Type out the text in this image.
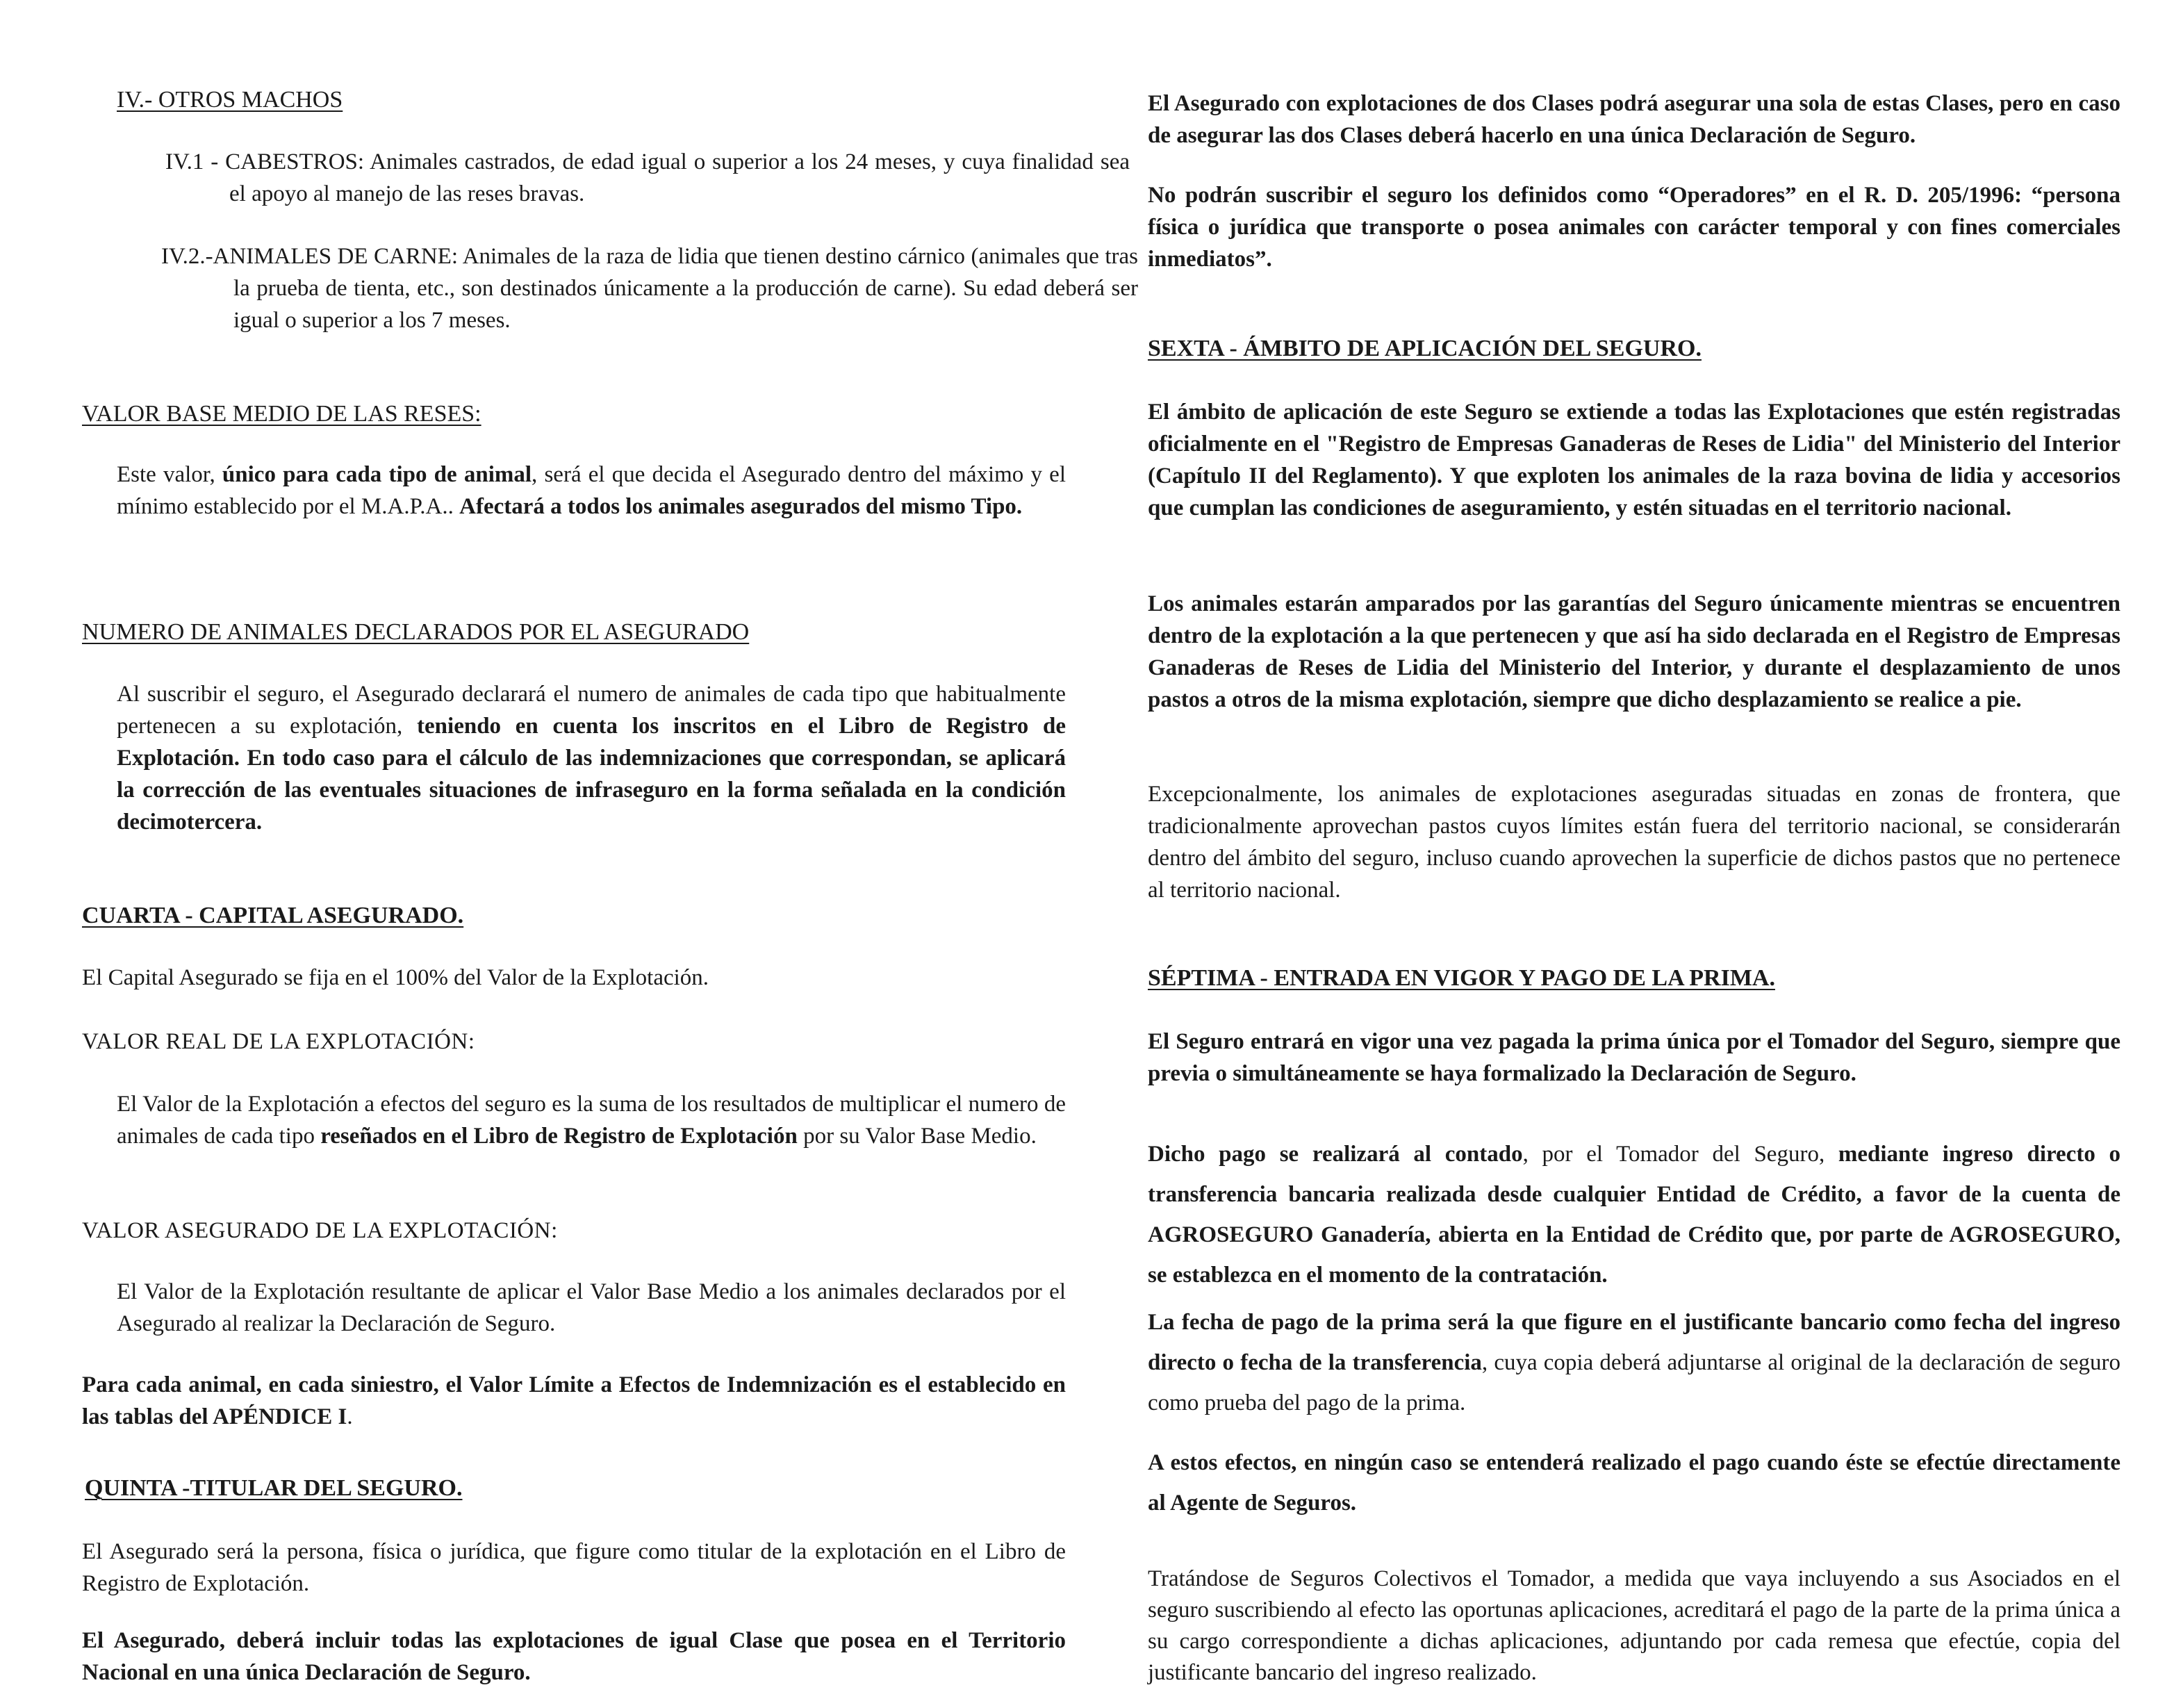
IV.- OTROS MACHOS

IV.1 - CABESTROS: Animales castrados, de edad igual o superior a los 24 meses, y cuya finalidad sea el apoyo al manejo de las reses bravas.

IV.2.-ANIMALES DE CARNE: Animales de la raza de lidia que tienen destino cárnico (animales que tras la prueba de tienta, etc., son destinados únicamente a la producción de carne). Su edad deberá ser igual o superior a los 7 meses.

VALOR BASE MEDIO DE LAS RESES:

Este valor, único para cada tipo de animal, será el que decida el Asegurado dentro del máximo y el mínimo establecido por el M.A.P.A.. Afectará a todos los animales asegurados del mismo Tipo.

NUMERO DE ANIMALES DECLARADOS POR EL ASEGURADO

Al suscribir el seguro, el Asegurado declarará el numero de animales de cada tipo que habitualmente pertenecen a su explotación, teniendo en cuenta los inscritos en el Libro de Registro de Explotación. En todo caso para el cálculo de las indemnizaciones que correspondan, se aplicará la corrección de las eventuales situaciones de infraseguro en la forma señalada en la condición decimotercera.

CUARTA - CAPITAL ASEGURADO.

El Capital Asegurado se fija en el 100% del Valor de la Explotación.

VALOR REAL DE LA EXPLOTACIÓN:

El Valor de la Explotación a efectos del seguro es la suma de los resultados de multiplicar el numero de animales de cada tipo reseñados en el Libro de Registro de Explotación por su Valor Base Medio.

VALOR ASEGURADO DE LA EXPLOTACIÓN:

El Valor de la Explotación resultante de aplicar el Valor Base Medio a los animales declarados por el Asegurado al realizar la Declaración de Seguro.

Para cada animal, en cada siniestro, el Valor Límite a Efectos de Indemnización es el establecido en las tablas del APÉNDICE I.

QUINTA -TITULAR DEL SEGURO.

El Asegurado será la persona, física o jurídica, que figure como titular de la explotación en el Libro de Registro de Explotación.

El Asegurado, deberá incluir todas las explotaciones de igual Clase que posea en el Territorio Nacional en una única Declaración de Seguro.

El Asegurado con explotaciones de dos Clases podrá asegurar una sola de estas Clases, pero en caso de asegurar las dos Clases deberá hacerlo en una única Declaración de Seguro.

No podrán suscribir el seguro los definidos como “Operadores” en el R. D. 205/1996: “persona física o jurídica que transporte o posea animales con carácter temporal y con fines comerciales inmediatos”.

SEXTA - ÁMBITO DE APLICACIÓN DEL SEGURO.

El ámbito de aplicación de este Seguro se extiende a todas las Explotaciones que estén registradas oficialmente en el "Registro de Empresas Ganaderas de Reses de Lidia" del Ministerio del Interior (Capítulo II del Reglamento). Y que exploten los animales de la raza bovina de lidia y accesorios que cumplan las condiciones de aseguramiento, y estén situadas en el territorio nacional.

Los animales estarán amparados por las garantías del Seguro únicamente mientras se encuentren dentro de la explotación a la que pertenecen y que así ha sido declarada en el Registro de Empresas Ganaderas de Reses de Lidia del Ministerio del Interior, y durante el desplazamiento de unos pastos a otros de la misma explotación, siempre que dicho desplazamiento se realice a pie.

Excepcionalmente, los animales de explotaciones aseguradas situadas en zonas de frontera, que tradicionalmente aprovechan pastos cuyos límites están fuera del territorio nacional, se considerarán dentro del ámbito del seguro, incluso cuando aprovechen la superficie de dichos pastos que no pertenece al territorio nacional.

SÉPTIMA - ENTRADA EN VIGOR Y PAGO DE LA PRIMA.

El Seguro entrará en vigor una vez pagada la prima única por el Tomador del Seguro, siempre que previa o simultáneamente se haya formalizado la Declaración de Seguro.

Dicho pago se realizará al contado, por el Tomador del Seguro, mediante ingreso directo o transferencia bancaria realizada desde cualquier Entidad de Crédito, a favor de la cuenta de AGROSEGURO Ganadería, abierta en la Entidad de Crédito que, por parte de AGROSEGURO, se establezca en el momento de la contratación.

La fecha de pago de la prima será la que figure en el justificante bancario como fecha del ingreso directo o fecha de la transferencia, cuya copia deberá adjuntarse al original de la declaración de seguro como prueba del pago de la prima.

A estos efectos, en ningún caso se entenderá realizado el pago cuando éste se efectúe directamente al Agente de Seguros.

Tratándose de Seguros Colectivos el Tomador, a medida que vaya incluyendo a sus Asociados en el seguro suscribiendo al efecto las oportunas aplicaciones, acreditará el pago de la parte de la prima única a su cargo correspondiente a dichas aplicaciones, adjuntando por cada remesa que efectúe, copia del justificante bancario del ingreso realizado.
